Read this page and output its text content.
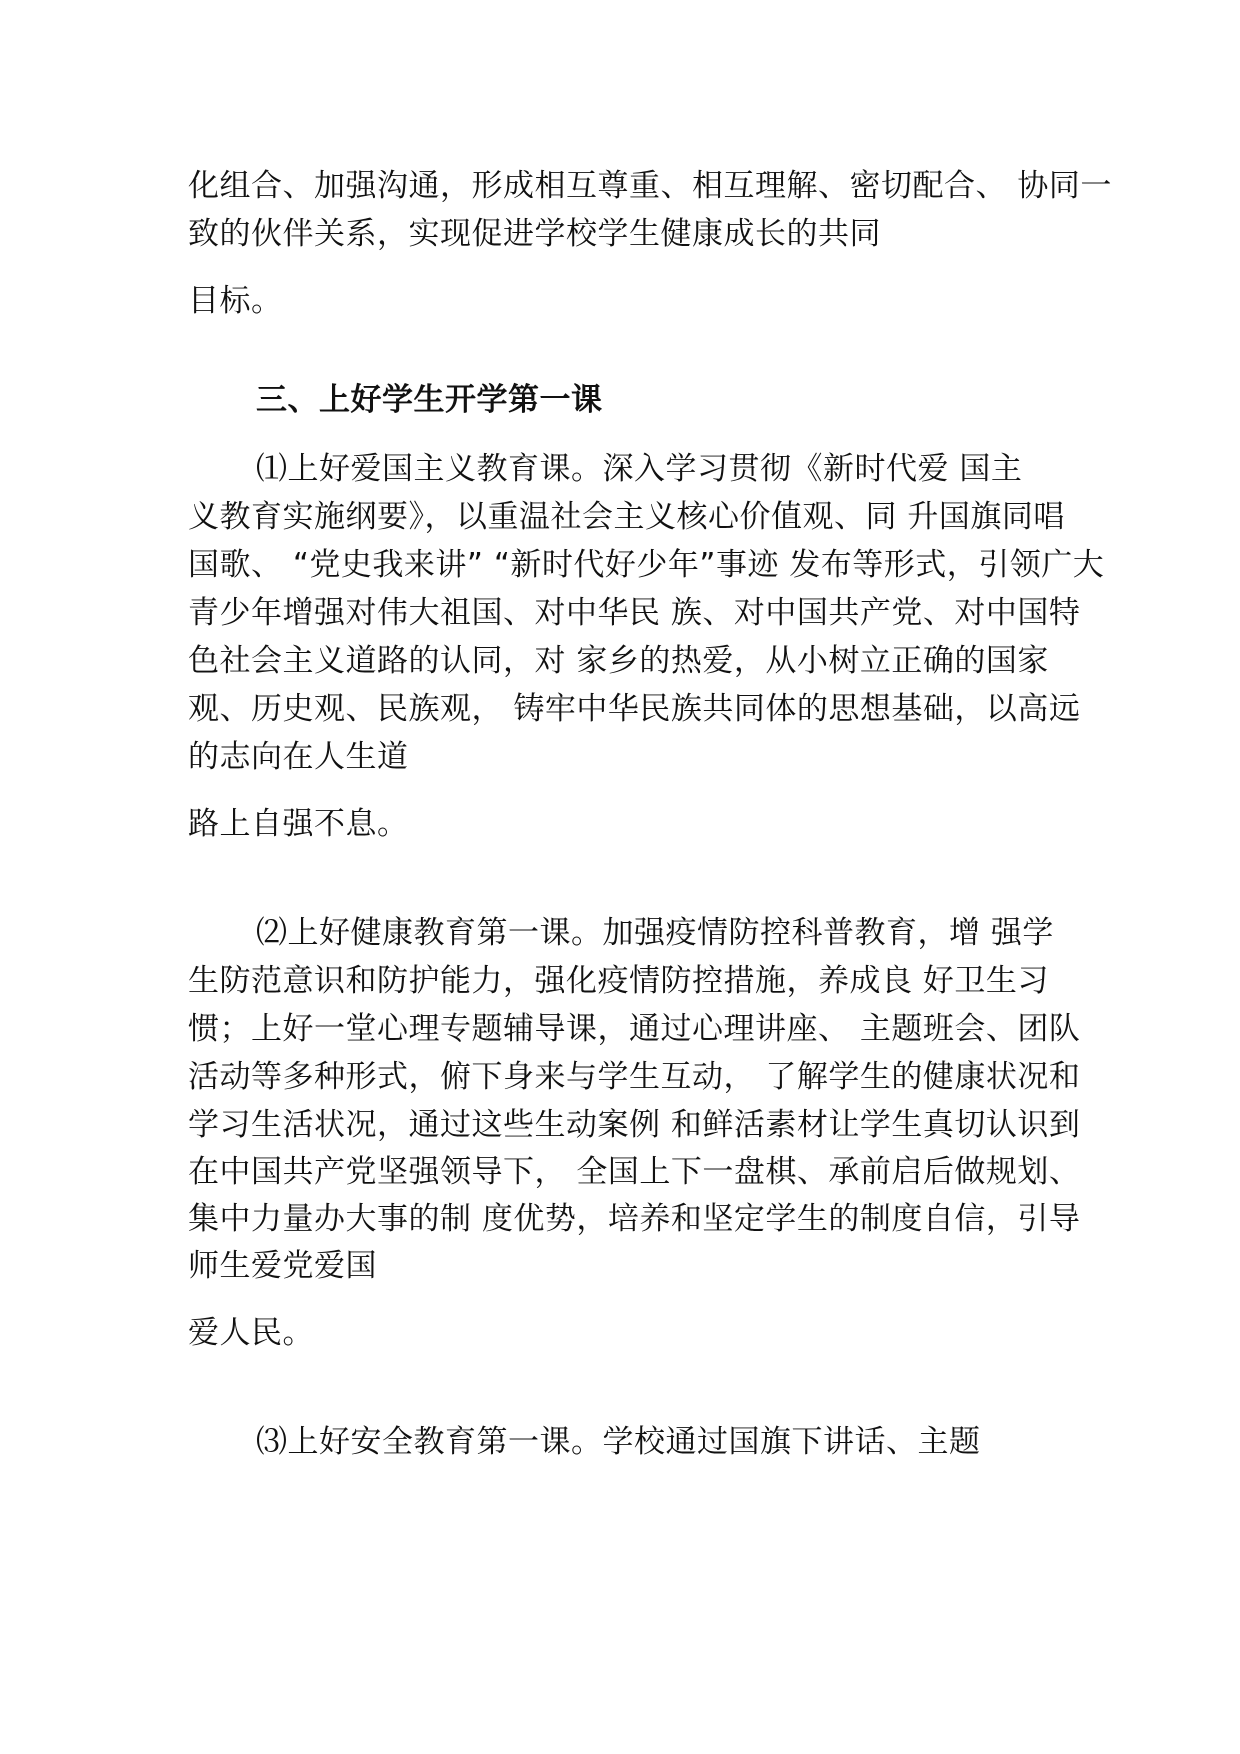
化组合、加强沟通，形成相互尊重、相互理解、密切配合、 协同一
致的伙伴关系，实现促进学校学生健康成长的共同
目标。
三、上好学生开学第一课
⑴上好爱国主义教育课。深入学习贯彻《新时代爱 国主
义教育实施纲要》，以重温社会主义核心价值观、同 升国旗同唱
国歌、 “党史我来讲” “新时代好少年”事迹 发布等形式，引领广大
青少年增强对伟大祖国、对中华民 族、对中国共产党、对中国特
色社会主义道路的认同，对 家乡的热爱，从小树立正确的国家
观、历史观、民族观， 铸牢中华民族共同体的思想基础，以高远
的志向在人生道
路上自强不息。
⑵上好健康教育第一课。加强疫情防控科普教育，增 强学
生防范意识和防护能力，强化疫情防控措施，养成良 好卫生习
惯；上好一堂心理专题辅导课，通过心理讲座、 主题班会、团队
活动等多种形式，俯下身来与学生互动， 了解学生的健康状况和
学习生活状况，通过这些生动案例 和鲜活素材让学生真切认识到
在中国共产党坚强领导下， 全国上下一盘棋、承前启后做规划、
集中力量办大事的制 度优势，培养和坚定学生的制度自信，引导
师生爱党爱国
爱人民。
⑶上好安全教育第一课。学校通过国旗下讲话、主题
